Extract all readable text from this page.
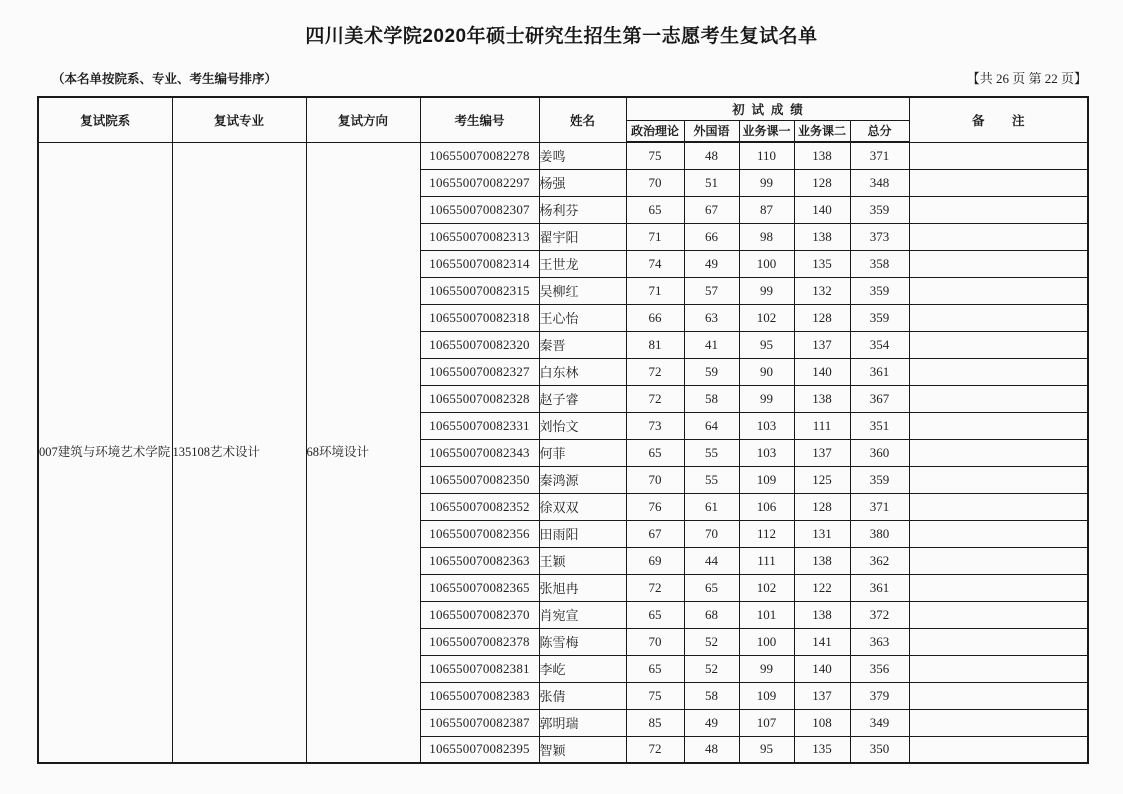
四川美术学院2020年硕士研究生招生第一志愿考生复试名单
（本名单按院系、专业、考生编号排序）	【共 26 页 第 22 页】
复试院系	复试专业	复试方向	考生编号	姓名	初试成绩					备注
					政治理论	外国语	业务课一	业务课二	总分	
007建筑与环境艺术学院	135108艺术设计	68环境设计	106550070082278	姜鸣	75	48	110	138	371	
			106550070082297	杨强	70	51	99	128	348	
			106550070082307	杨利芬	65	67	87	140	359	
			106550070082313	翟宇阳	71	66	98	138	373	
			106550070082314	王世龙	74	49	100	135	358	
			106550070082315	吴柳红	71	57	99	132	359	
			106550070082318	王心怡	66	63	102	128	359	
			106550070082320	秦晋	81	41	95	137	354	
			106550070082327	白东林	72	59	90	140	361	
			106550070082328	赵子睿	72	58	99	138	367	
			106550070082331	刘怡文	73	64	103	111	351	
			106550070082343	何菲	65	55	103	137	360	
			106550070082350	秦鸿源	70	55	109	125	359	
			106550070082352	徐双双	76	61	106	128	371	
			106550070082356	田雨阳	67	70	112	131	380	
			106550070082363	王颖	69	44	111	138	362	
			106550070082365	张旭冉	72	65	102	122	361	
			106550070082370	肖宛宣	65	68	101	138	372	
			106550070082378	陈雪梅	70	52	100	141	363	
			106550070082381	李屹	65	52	99	140	356	
			106550070082383	张倩	75	58	109	137	379	
			106550070082387	郭明瑞	85	49	107	108	349	
			106550070082395	智颖	72	48	95	135	350	
